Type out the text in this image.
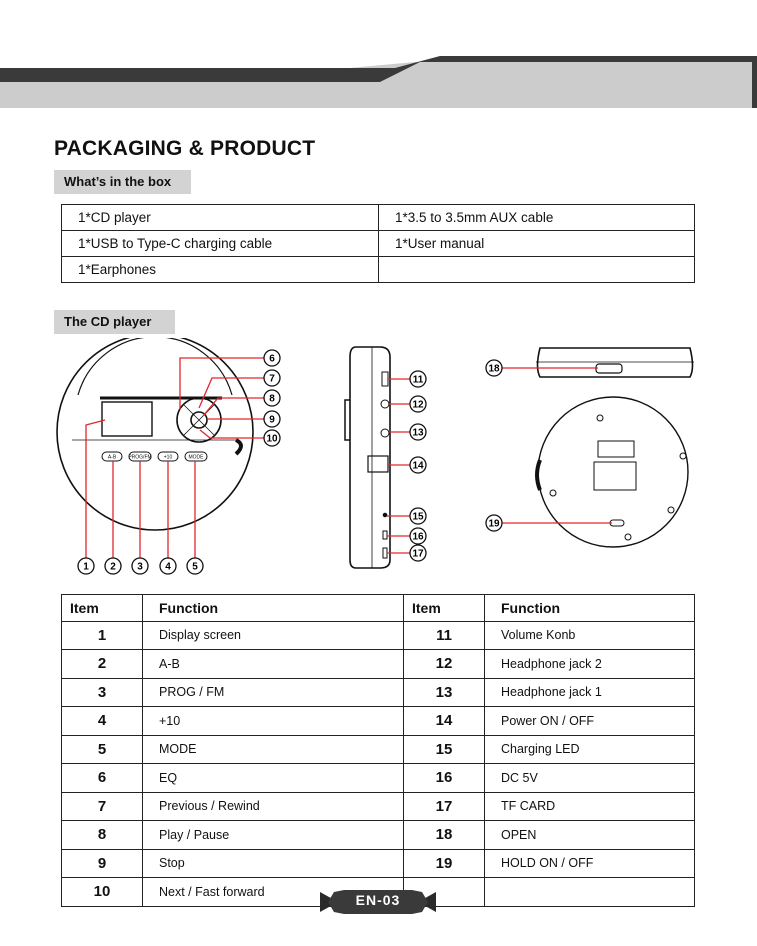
PACKAGING & PRODUCT
What’s in the box
1*CD player	1*3.5 to 3.5mm AUX cable
1*USB to Type-C charging cable	1*User manual
1*Earphones	
The CD player
A-B PROG/FM +10	MODE
1 2 3 4 5
6
7
8
9
10
11
12
13
14
15
16
17
18
19
Item	Function	Item	Function
1	Display screen	11	Volume Konb
2	A-B	12	Headphone jack 2
3	PROG / FM	13	Headphone jack 1
4	+10	14	Power ON / OFF
5	MODE	15	Charging LED
6	EQ	16	DC 5V
7	Previous / Rewind	17	TF CARD
8	Play / Pause	18	OPEN
9	Stop	19	HOLD ON / OFF
10	Next / Fast forward		
EN-03
